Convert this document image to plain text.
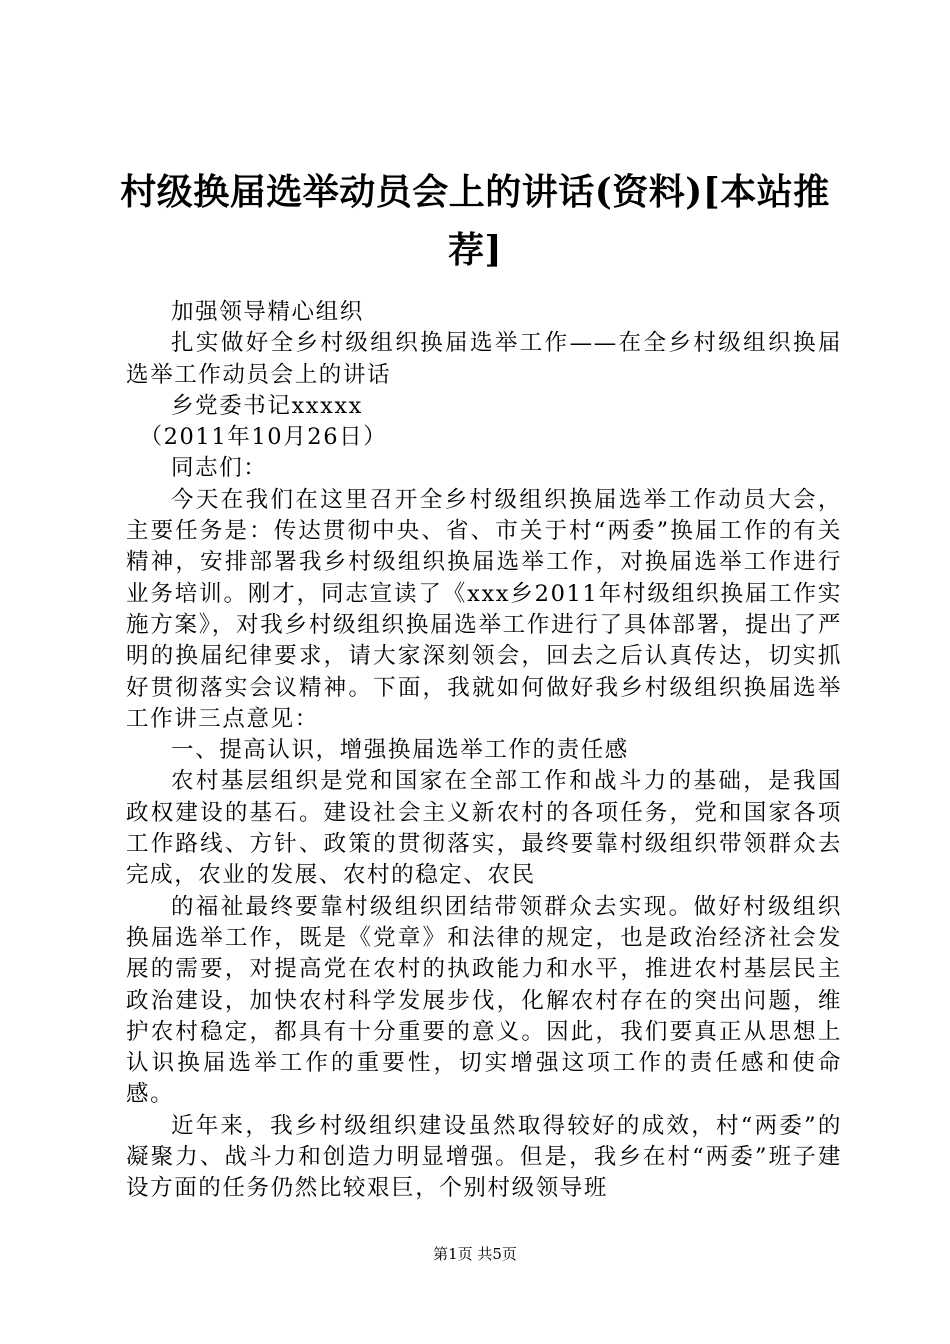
村级换届选举动员会上的讲话(资料)[本站推荐]

加强领导精心组织

扎实做好全乡村级组织换届选举工作——在全乡村级组织换届选举工作动员会上的讲话

乡党委书记xxxxx

（2011年10月26日）

同志们：

今天在我们在这里召开全乡村级组织换届选举工作动员大会，主要任务是：传达贯彻中央、省、市关于村“两委”换届工作的有关精神，安排部署我乡村级组织换届选举工作，对换届选举工作进行业务培训。刚才，同志宣读了《xxx乡2011年村级组织换届工作实施方案》，对我乡村级组织换届选举工作进行了具体部署，提出了严明的换届纪律要求，请大家深刻领会，回去之后认真传达，切实抓好贯彻落实会议精神。下面，我就如何做好我乡村级组织换届选举工作讲三点意见：

一、提高认识，增强换届选举工作的责任感

农村基层组织是党和国家在全部工作和战斗力的基础，是我国政权建设的基石。建设社会主义新农村的各项任务，党和国家各项工作路线、方针、政策的贯彻落实，最终要靠村级组织带领群众去完成，农业的发展、农村的稳定、农民

的福祉最终要靠村级组织团结带领群众去实现。做好村级组织换届选举工作，既是《党章》和法律的规定，也是政治经济社会发展的需要，对提高党在农村的执政能力和水平，推进农村基层民主政治建设，加快农村科学发展步伐，化解农村存在的突出问题，维护农村稳定，都具有十分重要的意义。因此，我们要真正从思想上认识换届选举工作的重要性，切实增强这项工作的责任感和使命感。

近年来，我乡村级组织建设虽然取得较好的成效，村“两委”的凝聚力、战斗力和创造力明显增强。但是，我乡在村“两委”班子建设方面的任务仍然比较艰巨，个别村级领导班

第1页 共5页
